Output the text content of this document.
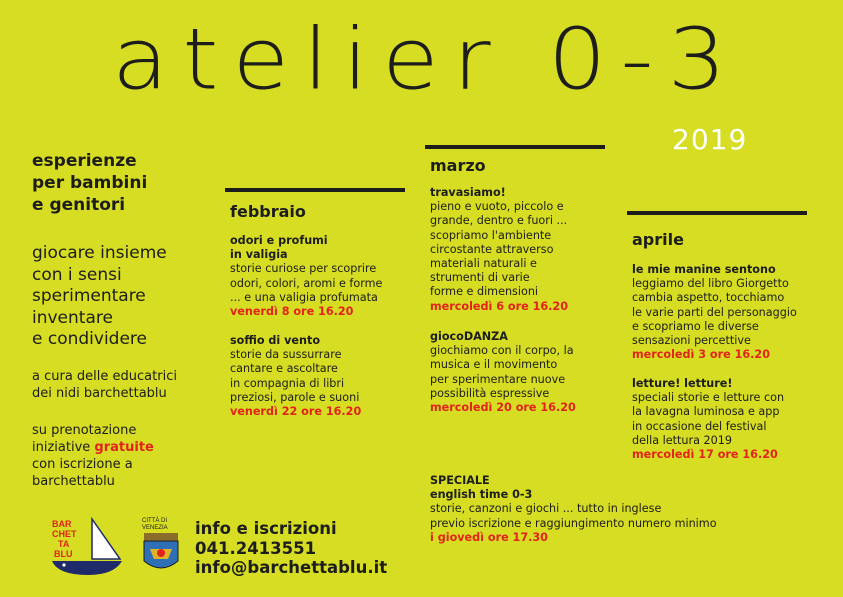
atelier 0-3
2019
esperienze
per bambini
e genitori
giocare insieme
con i sensi
sperimentare
inventare
e condividere
a cura delle educatrici
dei nidi barchettablu
su prenotazione
iniziative gratuite
con iscrizione a
barchettablu
febbraio
odori e profumi
in valigia
storie curiose per scoprire
odori, colori, aromi e forme
... e una valigia profumata
venerdì 8 ore 16.20
soffio di vento
storie da sussurrare
cantare e ascoltare
in compagnia di libri
preziosi, parole e suoni
venerdì 22 ore 16.20
marzo
travasiamo!
pieno e vuoto, piccolo e
grande, dentro e fuori ...
scopriamo l'ambiente
circostante attraverso
materiali naturali e
strumenti di varie
forme e dimensioni
mercoledì 6 ore 16.20
giocoDANZA
giochiamo con il corpo, la
musica e il movimento
per sperimentare nuove
possibilità espressive
mercoledì 20 ore 16.20
aprile
le mie manine sentono
leggiamo del libro Giorgetto
cambia aspetto, tocchiamo
le varie parti del personaggio
e scopriamo le diverse
sensazioni percettive
mercoledì 3 ore 16.20
letture! letture!
speciali storie e letture con
la lavagna luminosa e app
in occasione del festival
della lettura 2019
mercoledì 17 ore 16.20
SPECIALE
english time 0-3
storie, canzoni e giochi ... tutto in inglese
previo iscrizione e raggiungimento numero minimo
i giovedì ore 17.30
BAR
CHET
TA
BLU
CITTÀ DI
VENEZIA info e iscrizioni
041.2413551
info@barchettablu.it
